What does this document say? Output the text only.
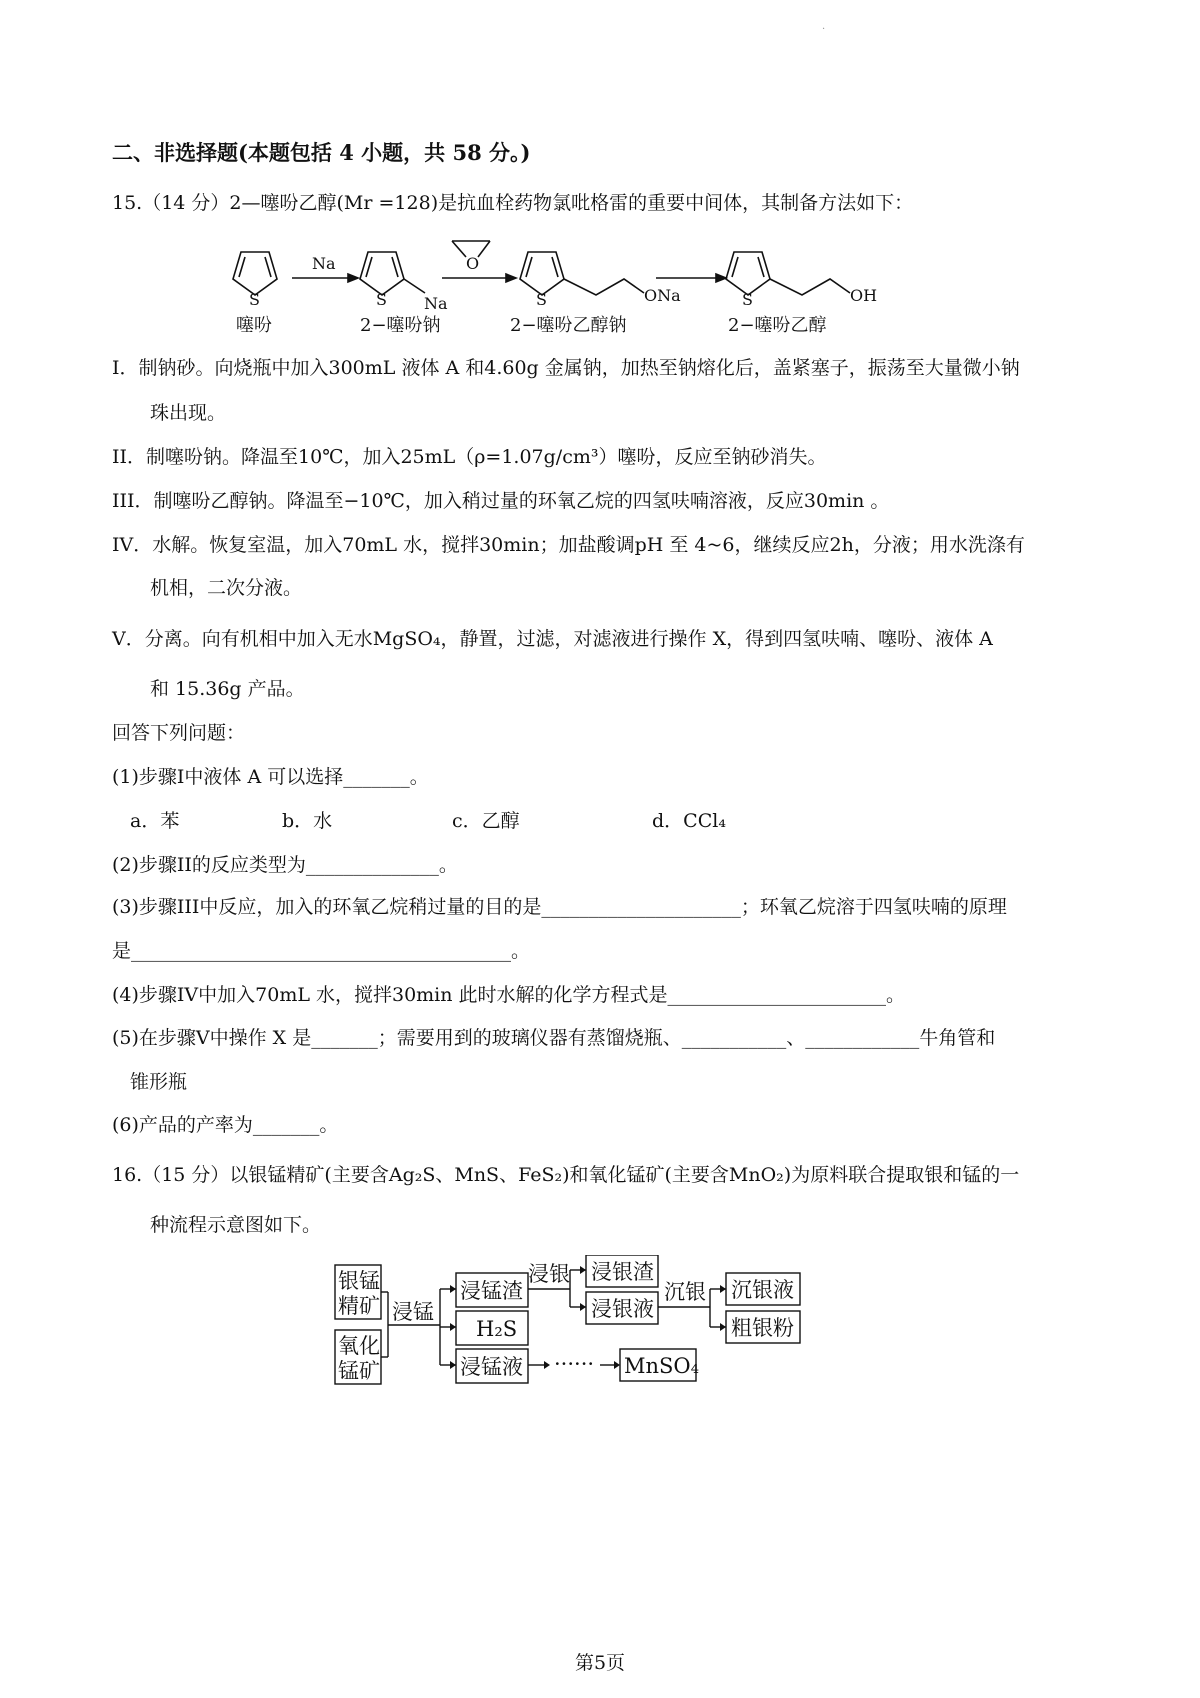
·
二、非选择题(本题包括 4 小题，共 58 分。)
15.（14 分）2—噻吩乙醇(Mr =128)是抗血栓药物氯吡格雷的重要中间体，其制备方法如下：
S
Na
S Na
O
S	ONa	S	OH
噻吩	2−噻吩钠	2−噻吩乙醇钠	2−噻吩乙醇
I．制钠砂。向烧瓶中加入300mL 液体 A 和4.60g 金属钠，加热至钠熔化后，盖紧塞子，振荡至大量微小钠
珠出现。
II．制噻吩钠。降温至10℃，加入25mL（ρ=1.07g/cm³）噻吩，反应至钠砂消失。
III．制噻吩乙醇钠。降温至−10℃，加入稍过量的环氧乙烷的四氢呋喃溶液，反应30min 。
IV．水解。恢复室温，加入70mL 水，搅拌30min；加盐酸调pH 至 4~6，继续反应2h，分液；用水洗涤有
机相，二次分液。
V．分离。向有机相中加入无水MgSO₄，静置，过滤，对滤液进行操作 X，得到四氢呋喃、噻吩、液体 A
和 15.36g 产品。
回答下列问题：
(1)步骤I中液体 A 可以选择_______。
a．苯	b．水	c．乙醇	d．CCl₄
(2)步骤II的反应类型为______________。
(3)步骤III中反应，加入的环氧乙烷稍过量的目的是_____________________；环氧乙烷溶于四氢呋喃的原理
是________________________________________。
(4)步骤IV中加入70mL 水，搅拌30min 此时水解的化学方程式是_______________________。
(5)在步骤V中操作 X 是_______；需要用到的玻璃仪器有蒸馏烧瓶、___________、____________牛角管和
锥形瓶
(6)产品的产率为_______。
16.（15 分）以银锰精矿(主要含Ag₂S、MnS、FeS₂)和氧化锰矿(主要含MnO₂)为原料联合提取银和锰的一
种流程示意图如下。
银锰
精矿
氧化
锰矿
浸锰
浸锰渣
H₂S
浸锰液 ······ MnSO₄
浸银 浸银渣
浸银液
沉银 沉银液
粗银粉
第5页
